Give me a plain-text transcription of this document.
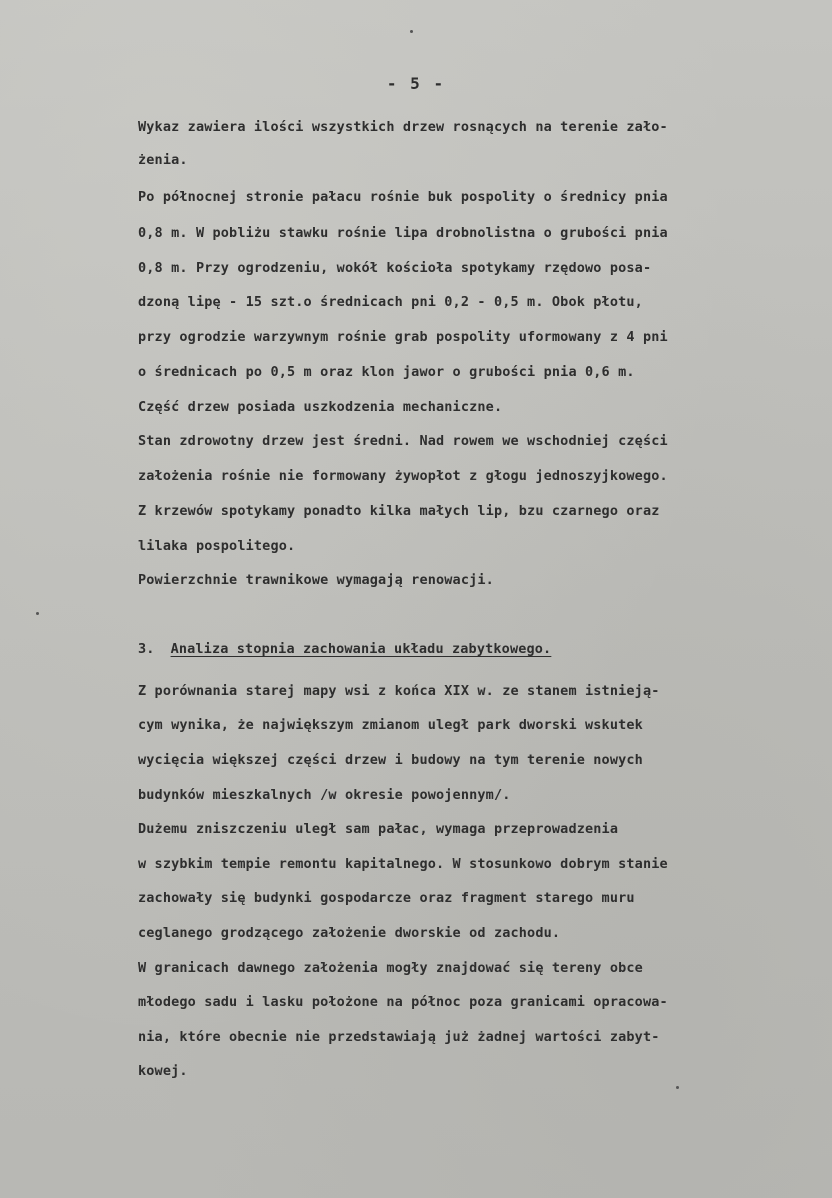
- 5 -
Wykaz zawiera ilości wszystkich drzew rosnących na terenie zało-
żenia.
Po północnej stronie pałacu rośnie buk pospolity o średnicy pnia
0,8 m. W pobliżu stawku rośnie lipa drobnolistna o grubości pnia
0,8 m. Przy ogrodzeniu, wokół kościoła spotykamy rzędowo posa-
dzoną lipę - 15 szt.o średnicach pni 0,2 - 0,5 m. Obok płotu,
przy ogrodzie warzywnym rośnie grab pospolity uformowany z 4 pni
o średnicach po 0,5 m oraz klon jawor o grubości pnia 0,6 m.
Część drzew posiada uszkodzenia mechaniczne.
Stan zdrowotny drzew jest średni. Nad rowem we wschodniej części
założenia rośnie nie formowany żywopłot z głogu jednoszyjkowego.
Z krzewów spotykamy ponadto kilka małych lip, bzu czarnego oraz
lilaka pospolitego.
Powierzchnie trawnikowe wymagają renowacji.
3. Analiza stopnia zachowania układu zabytkowego.
Z porównania starej mapy wsi z końca XIX w. ze stanem istnieją-
cym wynika, że największym zmianom uległ park dworski wskutek
wycięcia większej części drzew i budowy na tym terenie nowych
budynków mieszkalnych /w okresie powojennym/.
Dużemu zniszczeniu uległ sam pałac, wymaga przeprowadzenia
w szybkim tempie remontu kapitalnego. W stosunkowo dobrym stanie
zachowały się budynki gospodarcze oraz fragment starego muru
ceglanego grodzącego założenie dworskie od zachodu.
W granicach dawnego założenia mogły znajdować się tereny obce
młodego sadu i lasku położone na północ poza granicami opracowa-
nia, które obecnie nie przedstawiają już żadnej wartości zabyt-
kowej.
